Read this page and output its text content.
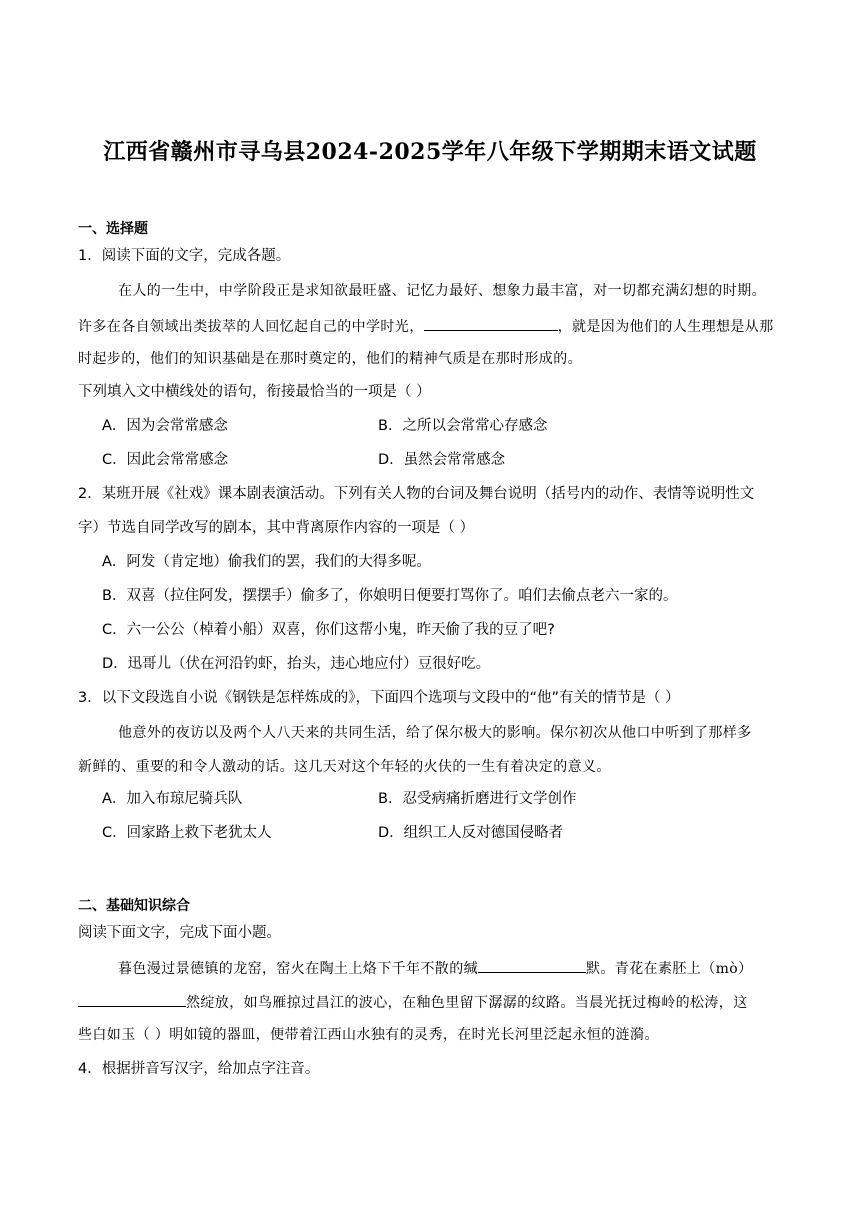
江西省赣州市寻乌县2024-2025学年八年级下学期期末语文试题
一、选择题
1．阅读下面的文字，完成各题。
在人的一生中，中学阶段正是求知欲最旺盛、记忆力最好、想象力最丰富，对一切都充满幻想的时期。
许多在各自领域出类拔萃的人回忆起自己的中学时光，	，就是因为他们的人生理想是从那
时起步的，他们的知识基础是在那时奠定的，他们的精神气质是在那时形成的。
下列填入文中横线处的语句，衔接最恰当的一项是（ ）
A．因为会常常感念	B．之所以会常常心存感念
C．因此会常常感念	D．虽然会常常感念
2．某班开展《社戏》课本剧表演活动。下列有关人物的台词及舞台说明（括号内的动作、表情等说明性文
字）节选自同学改写的剧本，其中背离原作内容的一项是（ ）
A．阿发（肯定地）偷我们的罢，我们的大得多呢。
B．双喜（拉住阿发，摆摆手）偷多了，你娘明日便要打骂你了。咱们去偷点老六一家的。
C．六一公公（棹着小船）双喜，你们这帮小鬼，昨天偷了我的豆了吧?
D．迅哥儿（伏在河沿钓虾，抬头，违心地应付）豆很好吃。
3．以下文段选自小说《钢铁是怎样炼成的》，下面四个选项与文段中的“他”有关的情节是（ ）
他意外的夜访以及两个人八天来的共同生活，给了保尔极大的影响。保尔初次从他口中听到了那样多
新鲜的、重要的和令人激动的话。这几天对这个年轻的火伕的一生有着决定的意义。
A．加入布琼尼骑兵队	B．忍受病痛折磨进行文学创作
C．回家路上救下老犹太人	D．组织工人反对德国侵略者
二、基础知识综合
阅读下面文字，完成下面小题。
暮色漫过景德镇的龙窑，窑火在陶土上烙下千年不散的缄	默。青花在素胚上（mò）
然绽放，如鸟雁掠过昌江的波心，在釉色里留下潺潺的纹路。当晨光抚过梅岭的松涛，这
些白如玉（ ）明如镜的器皿，便带着江西山水独有的灵秀，在时光长河里泛起永恒的涟漪。
4．根据拼音写汉字，给加点字注音。
